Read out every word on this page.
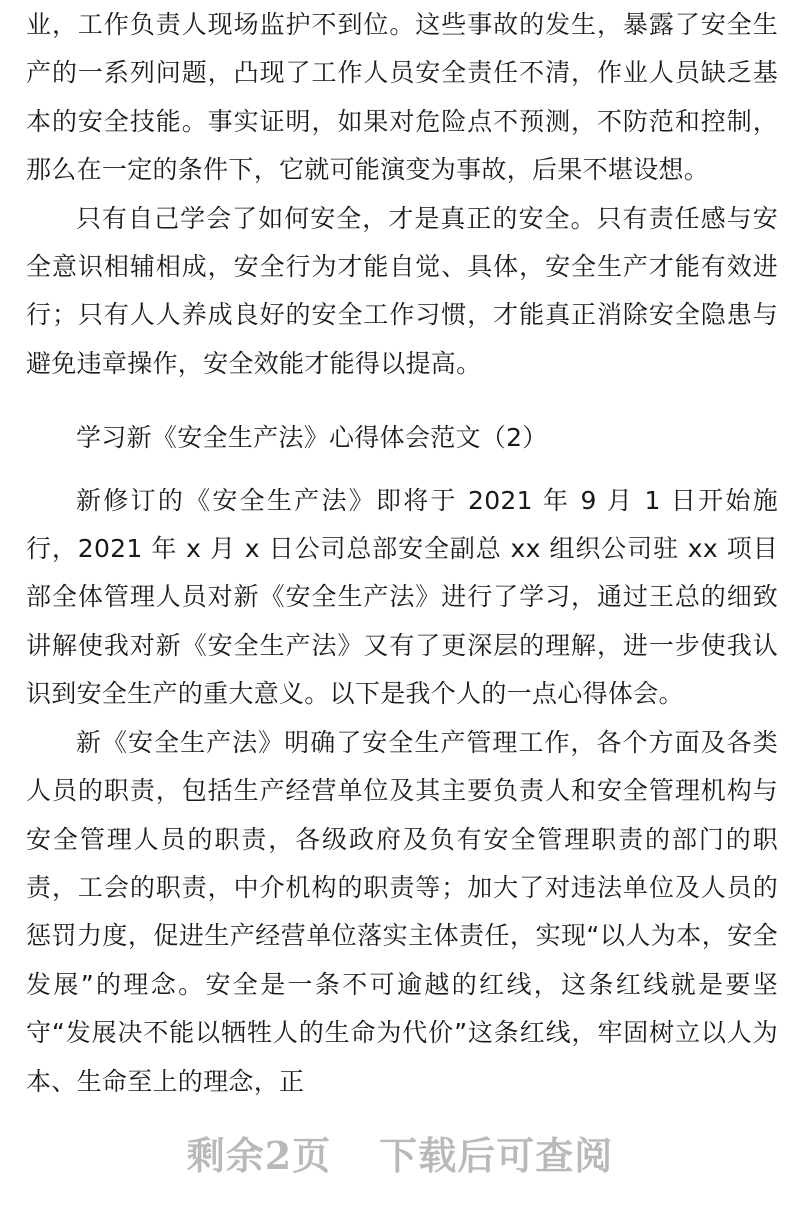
业，工作负责人现场监护不到位。这些事故的发生，暴露了安全生产的一系列问题，凸现了工作人员安全责任不清，作业人员缺乏基本的安全技能。事实证明，如果对危险点不预测，不防范和控制，那么在一定的条件下，它就可能演变为事故，后果不堪设想。

只有自己学会了如何安全，才是真正的安全。只有责任感与安全意识相辅相成，安全行为才能自觉、具体，安全生产才能有效进行；只有人人养成良好的安全工作习惯，才能真正消除安全隐患与避免违章操作，安全效能才能得以提高。

学习新《安全生产法》心得体会范文（2）

新修订的《安全生产法》即将于 2021 年 9 月 1 日开始施行，2021 年 x 月 x 日公司总部安全副总 xx 组织公司驻 xx 项目部全体管理人员对新《安全生产法》进行了学习，通过王总的细致讲解使我对新《安全生产法》又有了更深层的理解，进一步使我认识到安全生产的重大意义。以下是我个人的一点心得体会。

新《安全生产法》明确了安全生产管理工作，各个方面及各类人员的职责，包括生产经营单位及其主要负责人和安全管理机构与安全管理人员的职责，各级政府及负有安全管理职责的部门的职责，工会的职责，中介机构的职责等；加大了对违法单位及人员的惩罚力度，促进生产经营单位落实主体责任，实现“以人为本，安全发展”的理念。安全是一条不可逾越的红线，这条红线就是要坚守“发展决不能以牺牲人的生命为代价”这条红线，牢固树立以人为本、生命至上的理念，正

剩余2页 下载后可查阅
